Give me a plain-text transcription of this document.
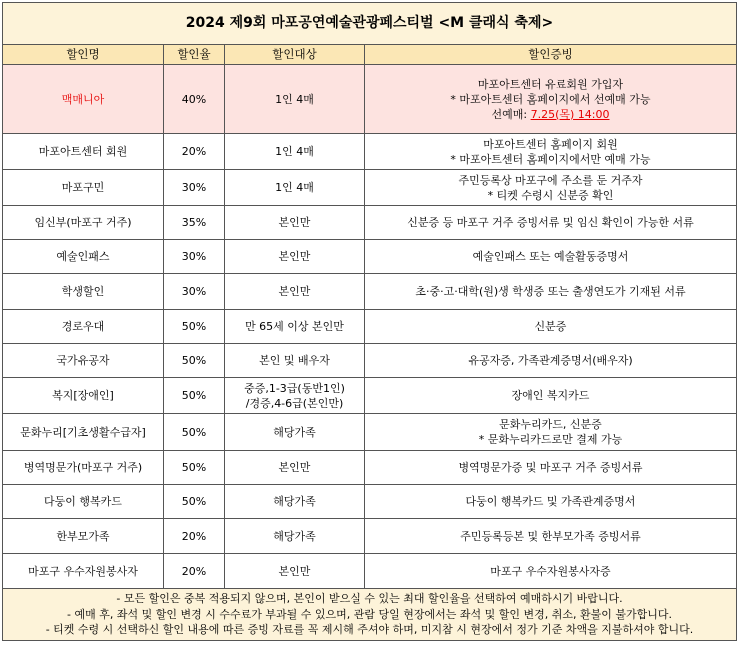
2024 제9회 마포공연예술관광페스티벌 <M 클래식 축제>			
할인명	할인율	할인대상	할인증빙
맥매니아	40%	1인 4매	마포아트센터 유료회원 가입자
* 마포아트센터 홈페이지에서 선예매 가능
선예매: 7.25(목) 14:00
마포아트센터 회원	20%	1인 4매	마포아트센터 홈페이지 회원
* 마포아트센터 홈페이지에서만 예매 가능
마포구민	30%	1인 4매	주민등록상 마포구에 주소를 둔 거주자
* 티켓 수령시 신분증 확인
임신부(마포구 거주)	35%	본인만	신분증 등 마포구 거주 증빙서류 및 임신 확인이 가능한 서류
예술인패스	30%	본인만	예술인패스 또는 예술활동증명서
학생할인	30%	본인만	초·중·고·대학(원)생 학생증 또는 출생연도가 기재된 서류
경로우대	50%	만 65세 이상 본인만	신분증
국가유공자	50%	본인 및 배우자	유공자증, 가족관계증명서(배우자)
복지[장애인]	50%	중증,1-3급(동반1인)
/경증,4-6급(본인만)	장애인 복지카드
문화누리[기초생활수급자]	50%	해당가족	문화누리카드, 신분증
* 문화누리카드로만 결제 가능
병역명문가(마포구 거주)	50%	본인만	병역명문가증 및 마포구 거주 증빙서류
다둥이 행복카드	50%	해당가족	다둥이 행복카드 및 가족관계증명서
한부모가족	20%	해당가족	주민등록등본 및 한부모가족 증빙서류
마포구 우수자원봉사자	20%	본인만	마포구 우수자원봉사자증
- 모든 할인은 중복 적용되지 않으며, 본인이 받으실 수 있는 최대 할인율을 선택하여 예매하시기 바랍니다.
- 예매 후, 좌석 및 할인 변경 시 수수료가 부과될 수 있으며, 관람 당일 현장에서는 좌석 및 할인 변경, 취소, 환불이 불가합니다.
- 티켓 수령 시 선택하신 할인 내용에 따른 증빙 자료를 꼭 제시해 주셔야 하며, 미지참 시 현장에서 정가 기준 차액을 지불하셔야 합니다.			
